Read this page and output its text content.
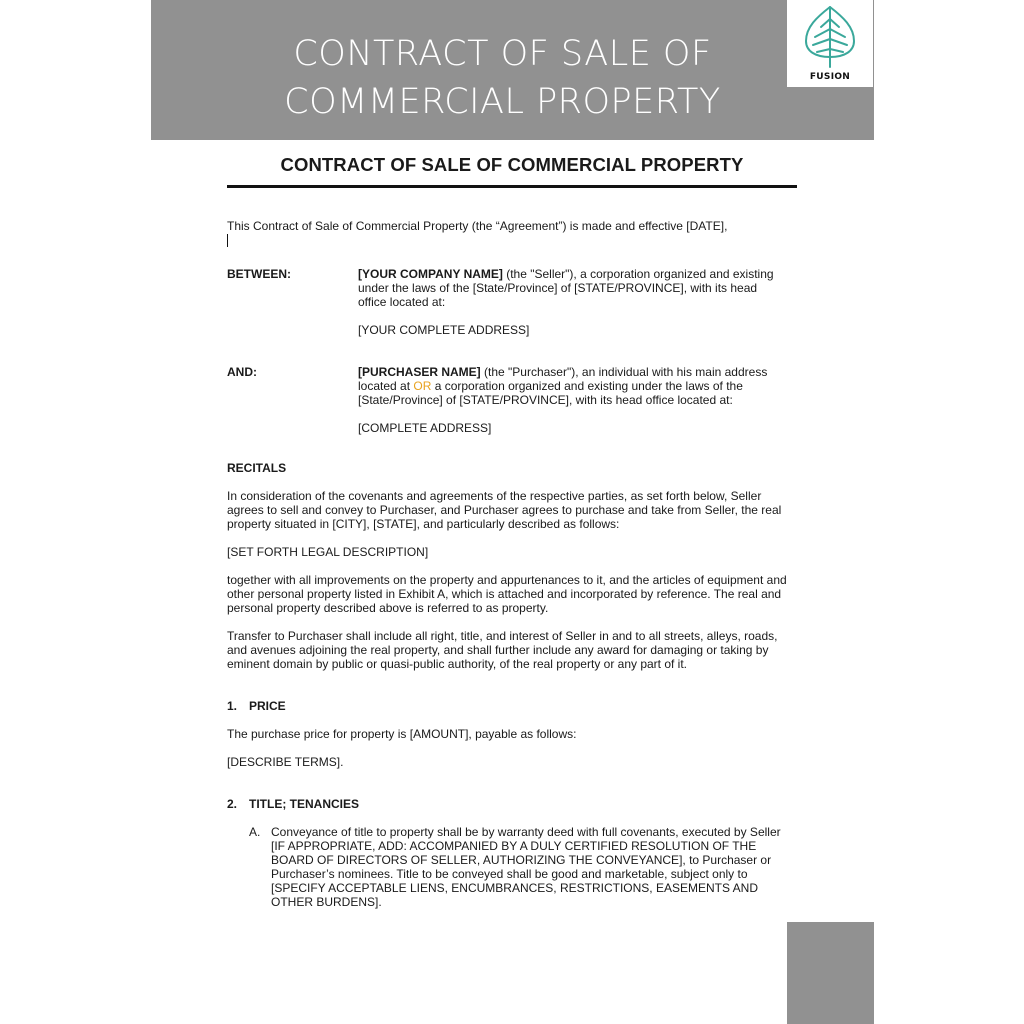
CONTRACT OF SALE OF
COMMERCIAL PROPERTY
FUSION
CONTRACT OF SALE OF COMMERCIAL PROPERTY

This Contract of Sale of Commercial Property (the “Agreement”) is made and effective [DATE],

BETWEEN:	[YOUR COMPANY NAME] (the "Seller"), a corporation organized and existing under the laws of the [State/Province] of [STATE/PROVINCE], with its head office located at:

[YOUR COMPLETE ADDRESS]

AND:	[PURCHASER NAME] (the "Purchaser"), an individual with his main address located at OR a corporation organized and existing under the laws of the [State/Province] of [STATE/PROVINCE], with its head office located at:

[COMPLETE ADDRESS]

RECITALS

In consideration of the covenants and agreements of the respective parties, as set forth below, Seller agrees to sell and convey to Purchaser, and Purchaser agrees to purchase and take from Seller, the real property situated in [CITY], [STATE], and particularly described as follows:

[SET FORTH LEGAL DESCRIPTION]

together with all improvements on the property and appurtenances to it, and the articles of equipment and other personal property listed in Exhibit A, which is attached and incorporated by reference. The real and personal property described above is referred to as property.

Transfer to Purchaser shall include all right, title, and interest of Seller in and to all streets, alleys, roads, and avenues adjoining the real property, and shall further include any award for damaging or taking by eminent domain by public or quasi-public authority, of the real property or any part of it.

1. PRICE

The purchase price for property is [AMOUNT], payable as follows:

[DESCRIBE TERMS].

2. TITLE; TENANCIES
A. Conveyance of title to property shall be by warranty deed with full covenants, executed by Seller [IF APPROPRIATE, ADD: ACCOMPANIED BY A DULY CERTIFIED RESOLUTION OF THE BOARD OF DIRECTORS OF SELLER, AUTHORIZING THE CONVEYANCE], to Purchaser or Purchaser’s nominees. Title to be conveyed shall be good and marketable, subject only to [SPECIFY ACCEPTABLE LIENS, ENCUMBRANCES, RESTRICTIONS, EASEMENTS AND OTHER BURDENS].
